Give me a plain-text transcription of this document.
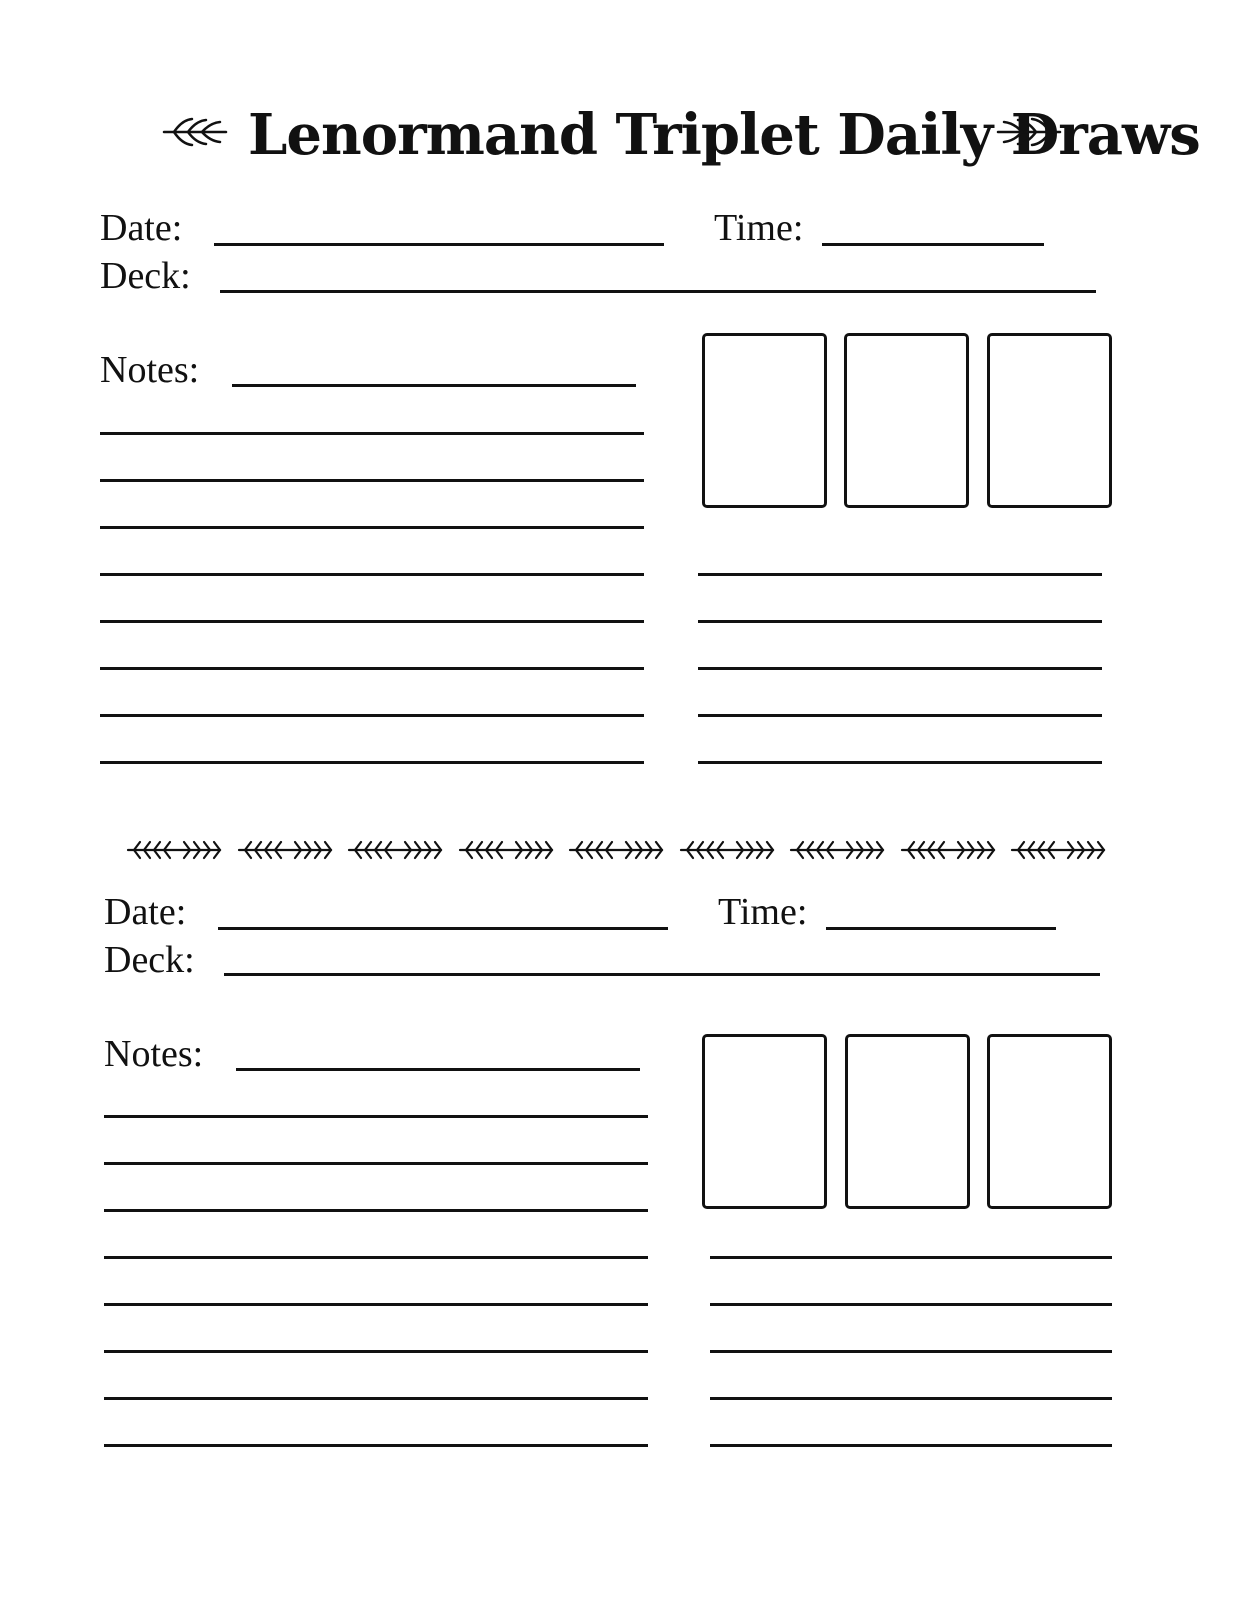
Lenormand Triplet Daily Draws
Date:	Time:
Deck:
Notes:
Date:	Time:
Deck:
Notes:
